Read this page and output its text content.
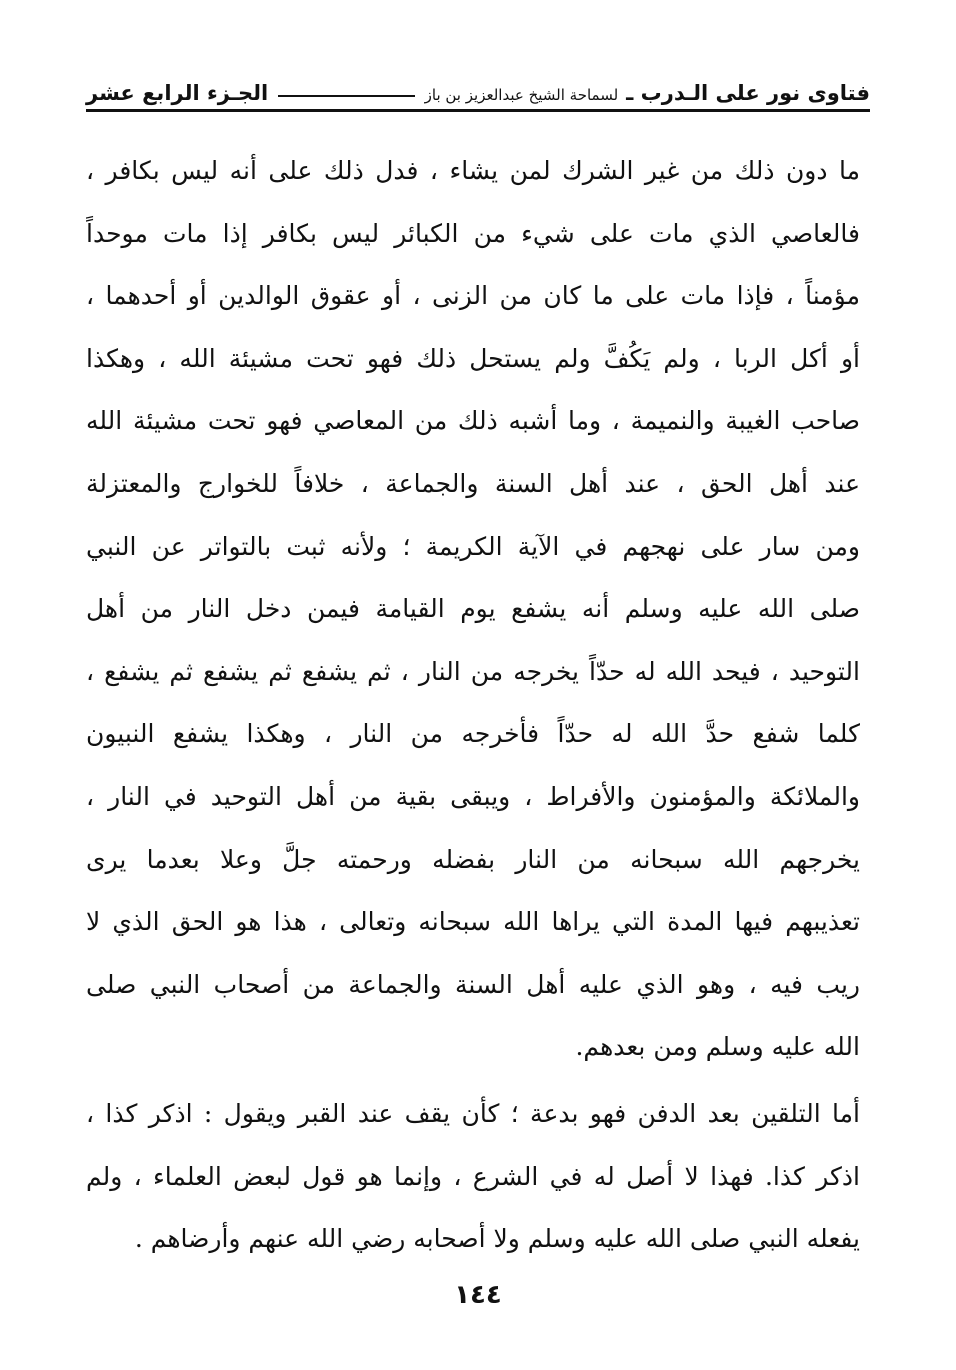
فتاوى نور على الـدرب ـ
لسماحة الشيخ عبدالعزيز بن باز
الجـزء الرابع عشر
ما دون ذلك من غير الشرك لمن يشاء ، فدل ذلك على أنه ليس بكافر ،
فالعاصي الذي مات على شيء من الكبائر ليس بكافر إذا مات موحداً
مؤمناً ، فإذا مات على ما كان من الزنى ، أو عقوق الوالدين أو أحدهما ،
أو أكل الربا ، ولم يَكُفَّ ولم يستحل ذلك فهو تحت مشيئة الله ، وهكذا
صاحب الغيبة والنميمة ، وما أشبه ذلك من المعاصي فهو تحت مشيئة الله
عند أهل الحق ، عند أهل السنة والجماعة ، خلافاً للخوارج والمعتزلة
ومن سار على نهجهم في الآية الكريمة ؛ ولأنه ثبت بالتواتر عن النبي
صلى الله عليه وسلم أنه يشفع يوم القيامة فيمن دخل النار من أهل
التوحيد ، فيحد الله له حدّاً يخرجه من النار ، ثم يشفع ثم يشفع ثم يشفع ،
كلما شفع حدَّ الله له حدّاً فأخرجه من النار ، وهكذا يشفع النبيون
والملائكة والمؤمنون والأفراط ، ويبقى بقية من أهل التوحيد في النار ،
يخرجهم الله سبحانه من النار بفضله ورحمته جلَّ وعلا بعدما يرى
تعذيبهم فيها المدة التي يراها الله سبحانه وتعالى ، هذا هو الحق الذي لا
ريب فيه ، وهو الذي عليه أهل السنة والجماعة من أصحاب النبي صلى
الله عليه وسلم ومن بعدهم.
أما التلقين بعد الدفن فهو بدعة ؛ كأن يقف عند القبر ويقول : اذكر كذا ،
اذكر كذا. فهذا لا أصل له في الشرع ، وإنما هو قول لبعض العلماء ، ولم
يفعله النبي صلى الله عليه وسلم ولا أصحابه رضي الله عنهم وأرضاهم .
١٤٤
